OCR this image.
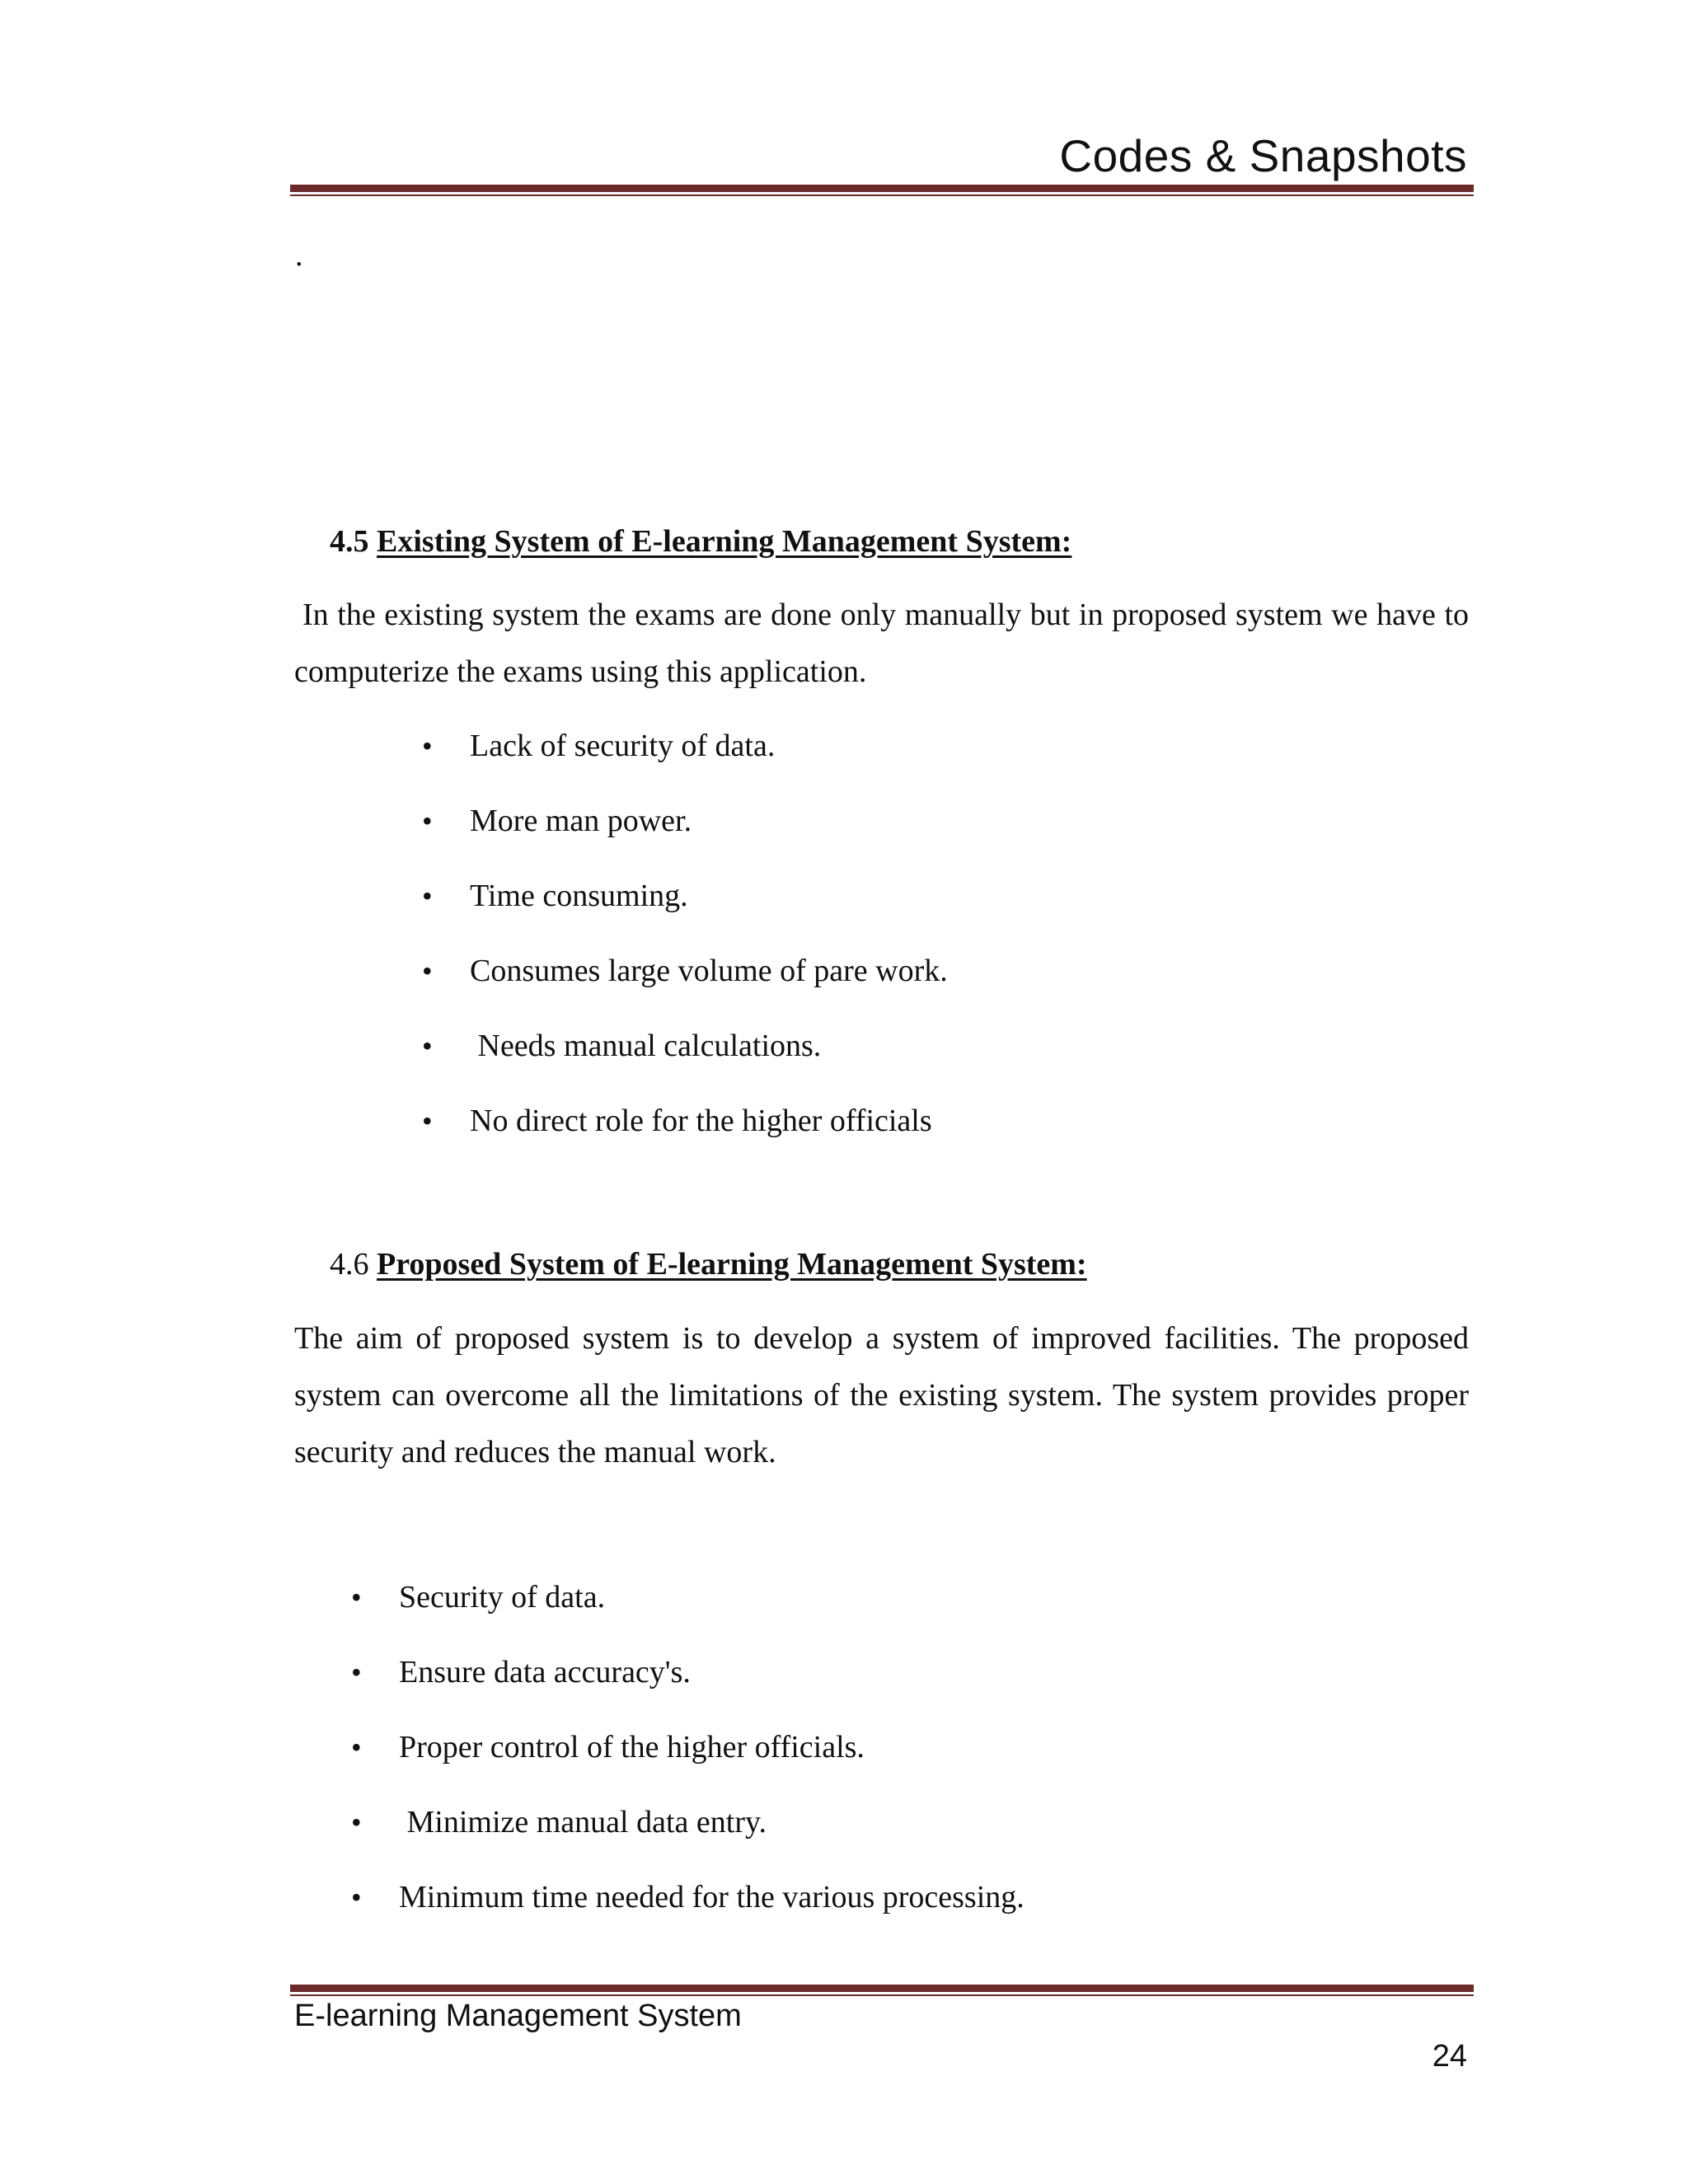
Codes & Snapshots
.
4.5 Existing System of E-learning Management System:
In the existing system the exams are done only manually but in proposed system we have to computerize the exams using this application.
• Lack of security of data.
• More man power.
• Time consuming.
• Consumes large volume of pare work.
• Needs manual calculations.
• No direct role for the higher officials
4.6 Proposed System of E-learning Management System:
The aim of proposed system is to develop a system of improved facilities. The proposed system can overcome all the limitations of the existing system. The system provides proper security and reduces the manual work.
• Security of data.
• Ensure data accuracy's.
• Proper control of the higher officials.
• Minimize manual data entry.
• Minimum time needed for the various processing.
E-learning Management System
24
